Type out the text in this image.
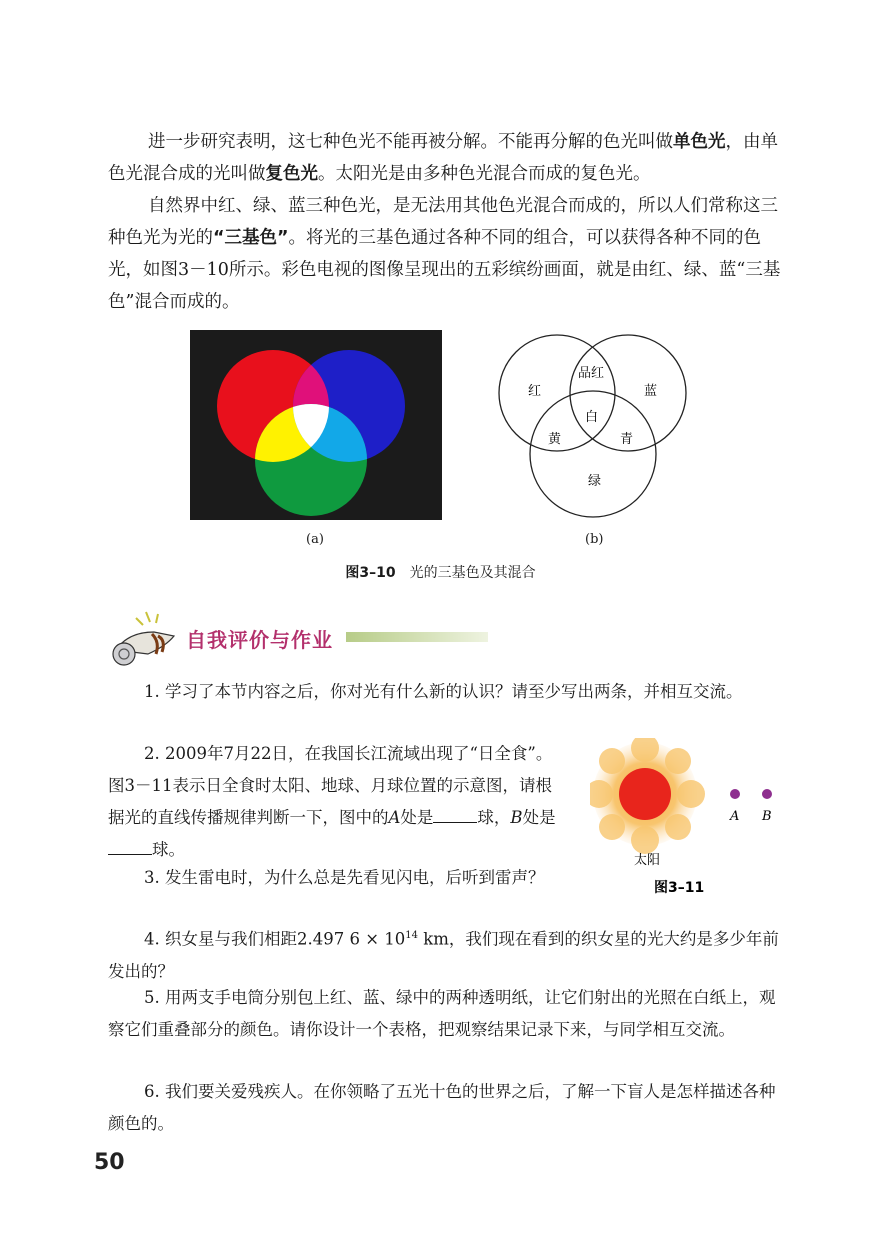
进一步研究表明，这七种色光不能再被分解。不能再分解的色光叫做单色光，由单色光混合成的光叫做复色光。太阳光是由多种色光混合而成的复色光。

自然界中红、绿、蓝三种色光，是无法用其他色光混合而成的，所以人们常称这三种色光为光的“三基色”。将光的三基色通过各种不同的组合，可以获得各种不同的色光，如图3－10所示。彩色电视的图像呈现出的五彩缤纷画面，就是由红、绿、蓝“三基色”混合而成的。

红	蓝
品红
白
黄	青
绿
(a)	(b)
图3–10 光的三基色及其混合
自我评价与作业

1. 学习了本节内容之后，你对光有什么新的认识？请至少写出两条，并相互交流。

2. 2009年7月22日，在我国长江流域出现了“日全食”。图3－11表示日全食时太阳、地球、月球位置的示意图，请根据光的直线传播规律判断一下，图中的A处是	球，B处是球。

3. 发生雷电时，为什么总是先看见闪电，后听到雷声？

4. 织女星与我们相距2.497 $6 \times 10^{14}$ km，我们现在看到的织女星的光大约是多少年前发出的？

5. 用两支手电筒分别包上红、蓝、绿中的两种透明纸，让它们射出的光照在白纸上，观察它们重叠部分的颜色。请你设计一个表格，把观察结果记录下来，与同学相互交流。

6. 我们要关爱残疾人。在你领略了五光十色的世界之后，了解一下盲人是怎样描述各种颜色的。

A B
太阳
图3–11
50
